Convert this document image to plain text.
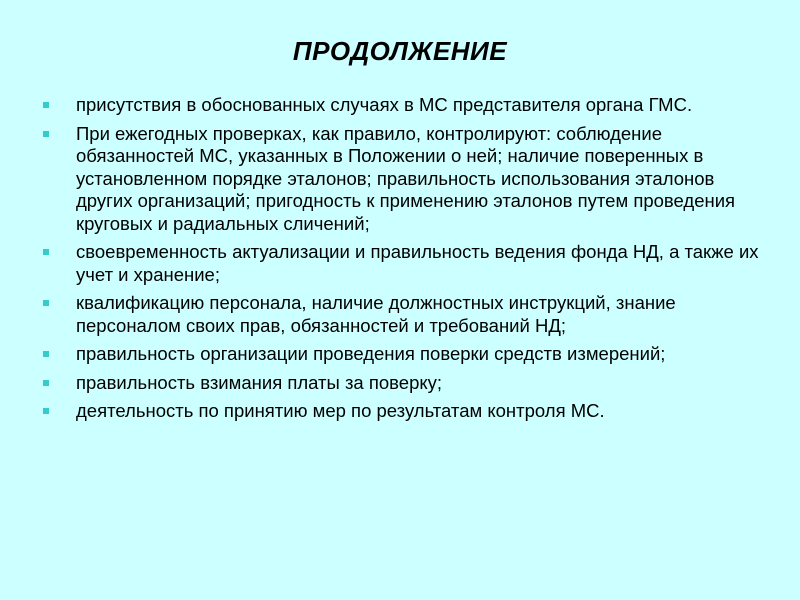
ПРОДОЛЖЕНИЕ
присутствия в обоснованных случаях в МС представителя органа ГМС.
При ежегодных проверках, как правило, контролируют: соблюдение обязанностей МС, указанных в Положении о ней; наличие поверенных в установленном порядке эталонов; правильность использования эталонов других организаций; пригодность к применению эталонов путем проведения круговых и радиальных сличений;
своевременность актуализации и правильность ведения фонда НД, а также их учет и хранение;
квалификацию персонала, наличие должностных инструкций, знание персоналом своих прав, обязанностей и требований НД;
правильность организации проведения поверки средств измерений;
правильность взимания платы за поверку;
деятельность по принятию мер по результатам контроля МС.
